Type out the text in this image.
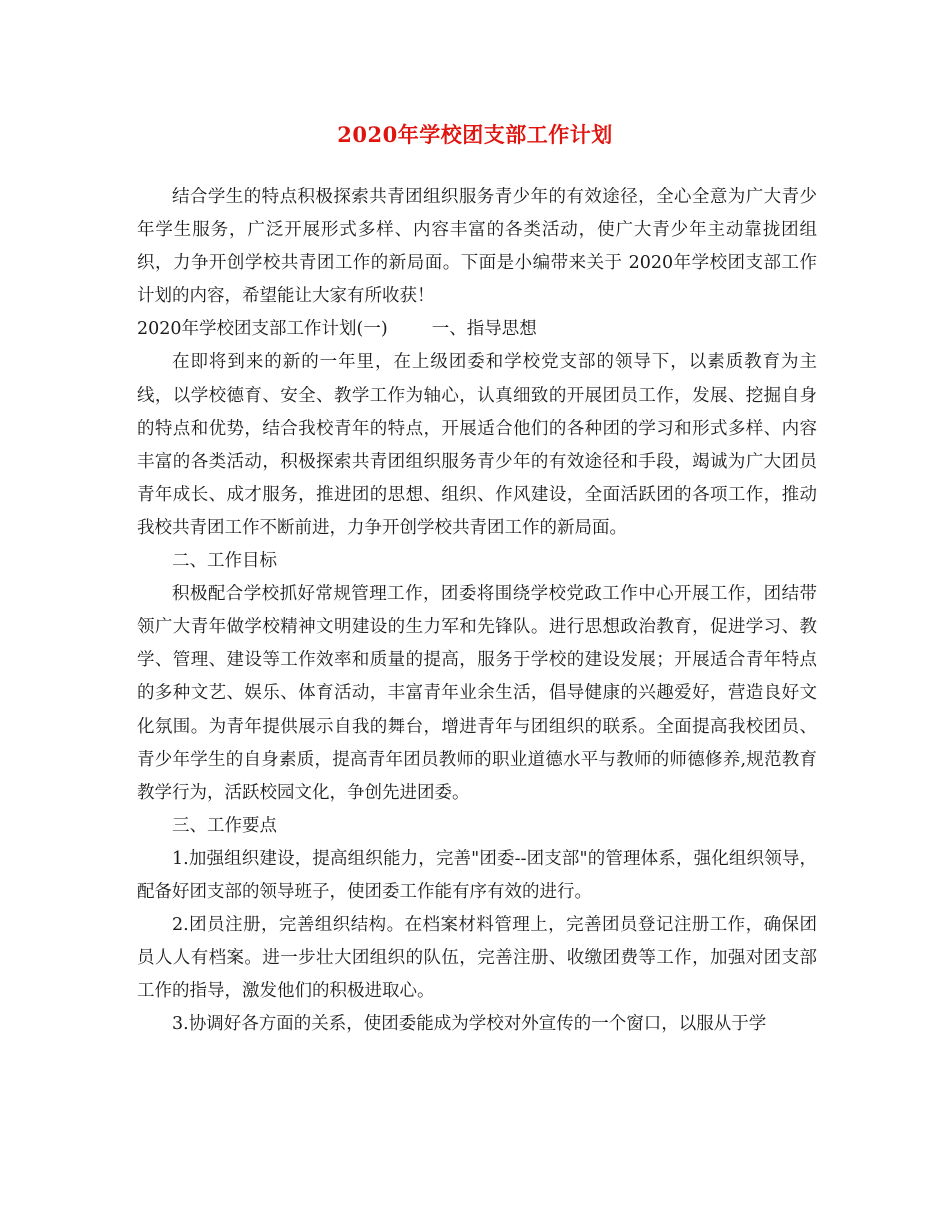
2020年学校团支部工作计划

结合学生的特点积极探索共青团组织服务青少年的有效途径，全心全意为广大青少年学生服务，广泛开展形式多样、内容丰富的各类活动，使广大青少年主动靠拢团组织，力争开创学校共青团工作的新局面。下面是小编带来关于 2020年学校团支部工作计划的内容，希望能让大家有所收获！

2020年学校团支部工作计划(一)	一、指导思想

在即将到来的新的一年里，在上级团委和学校党支部的领导下，以素质教育为主线，以学校德育、安全、教学工作为轴心，认真细致的开展团员工作，发展、挖掘自身的特点和优势，结合我校青年的特点，开展适合他们的各种团的学习和形式多样、内容丰富的各类活动，积极探索共青团组织服务青少年的有效途径和手段，竭诚为广大团员青年成长、成才服务，推进团的思想、组织、作风建设，全面活跃团的各项工作，推动我校共青团工作不断前进，力争开创学校共青团工作的新局面。

二、工作目标

积极配合学校抓好常规管理工作，团委将围绕学校党政工作中心开展工作，团结带领广大青年做学校精神文明建设的生力军和先锋队。进行思想政治教育，促进学习、教学、管理、建设等工作效率和质量的提高，服务于学校的建设发展；开展适合青年特点的多种文艺、娱乐、体育活动，丰富青年业余生活，倡导健康的兴趣爱好，营造良好文化氛围。为青年提供展示自我的舞台，增进青年与团组织的联系。全面提高我校团员、青少年学生的自身素质，提高青年团员教师的职业道德水平与教师的师德修养,规范教育教学行为，活跃校园文化，争创先进团委。

三、工作要点

1.加强组织建设，提高组织能力，完善"团委--团支部"的管理体系，强化组织领导，配备好团支部的领导班子，使团委工作能有序有效的进行。

2.团员注册，完善组织结构。在档案材料管理上，完善团员登记注册工作，确保团员人人有档案。进一步壮大团组织的队伍，完善注册、收缴团费等工作，加强对团支部工作的指导，激发他们的积极进取心。

3.协调好各方面的关系，使团委能成为学校对外宣传的一个窗口，以服从于学
